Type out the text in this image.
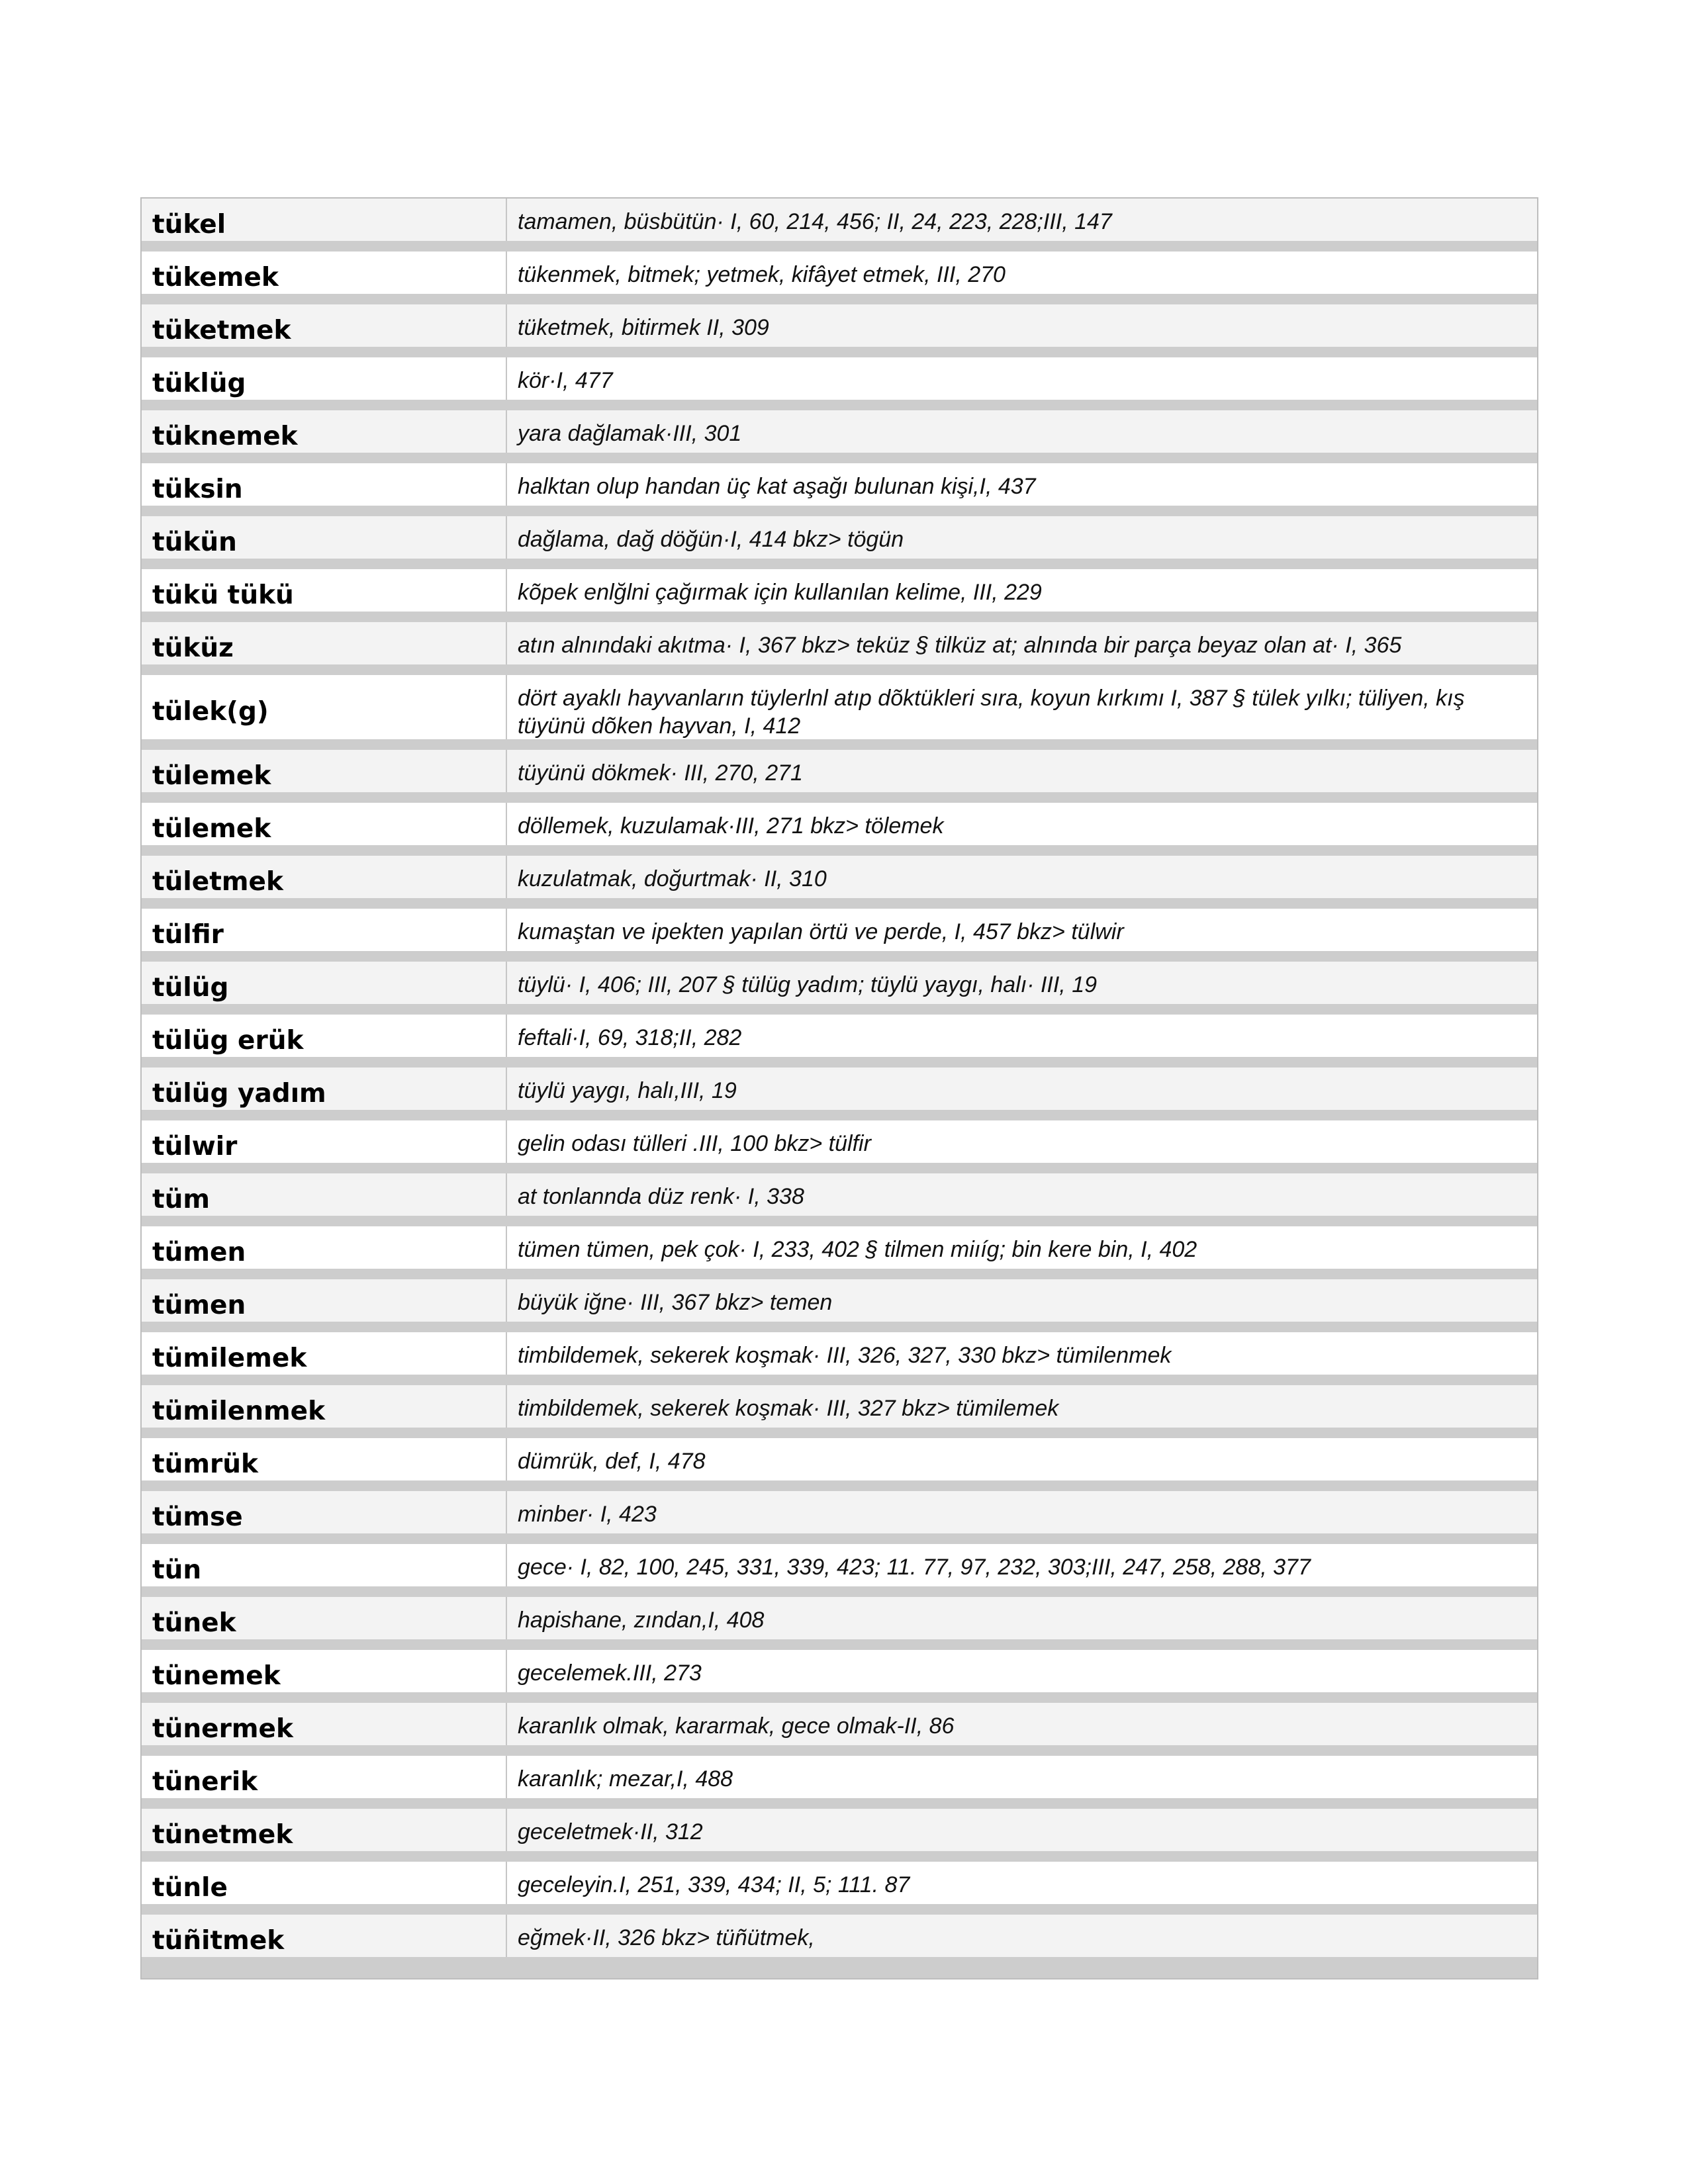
tükel	tamamen, büsbütün· I, 60, 214, 456; II, 24, 223, 228;III, 147
tükemek	tükenmek, bitmek; yetmek, kifâyet etmek, III, 270
tüketmek	tüketmek, bitirmek II, 309
tüklüg	kör·I, 477
tüknemek	yara dağlamak·III, 301
tüksin	halktan olup handan üç kat aşağı bulunan kişi,I, 437
tükün	dağlama, dağ döğün·I, 414 bkz> tögün
tükü tükü	kõpek enlğlni çağırmak için kullanılan kelime, III, 229
tüküz	atın alnındaki akıtma· I, 367 bkz> teküz § tilküz at; alnında bir parça beyaz olan at· I, 365
tülek(g)	dört ayaklı hayvanların tüylerlnl atıp dõktükleri sıra, koyun kırkımı I, 387 § tülek yılkı; tüliyen, kış tüyünü dõken hayvan, I, 412
tülemek	tüyünü dökmek· III, 270, 271
tülemek	döllemek, kuzulamak·III, 271 bkz> tölemek
tületmek	kuzulatmak, doğurtmak· II, 310
tülfir	kumaştan ve ipekten yapılan örtü ve perde, I, 457 bkz> tülwir
tülüg	tüylü· I, 406; III, 207 § tülüg yadım; tüylü yaygı, halı· III, 19
tülüg erük	feftali·I, 69, 318;II, 282
tülüg yadım	tüylü yaygı, halı,III, 19
tülwir	gelin odası tülleri .III, 100 bkz> tülfir
tüm	at tonlannda düz renk· I, 338
tümen	tümen tümen, pek çok· I, 233, 402 § tilmen miıíg; bin kere bin, I, 402
tümen	büyük iğne· III, 367 bkz> temen
tümilemek	timbildemek, sekerek koşmak· III, 326, 327, 330 bkz> tümilenmek
tümilenmek	timbildemek, sekerek koşmak· III, 327 bkz> tümilemek
tümrük	dümrük, def, I, 478
tümse	minber· I, 423
tün	gece· I, 82, 100, 245, 331, 339, 423; 11. 77, 97, 232, 303;III, 247, 258, 288, 377
tünek	hapishane, zından,I, 408
tünemek	gecelemek.III, 273
tünermek	karanlık olmak, kararmak, gece olmak-II, 86
tünerik	karanlık; mezar,I, 488
tünetmek	geceletmek·II, 312
tünle	geceleyin.I, 251, 339, 434; II, 5; 111. 87
tüñitmek	eğmek·II, 326 bkz> tüñütmek,
